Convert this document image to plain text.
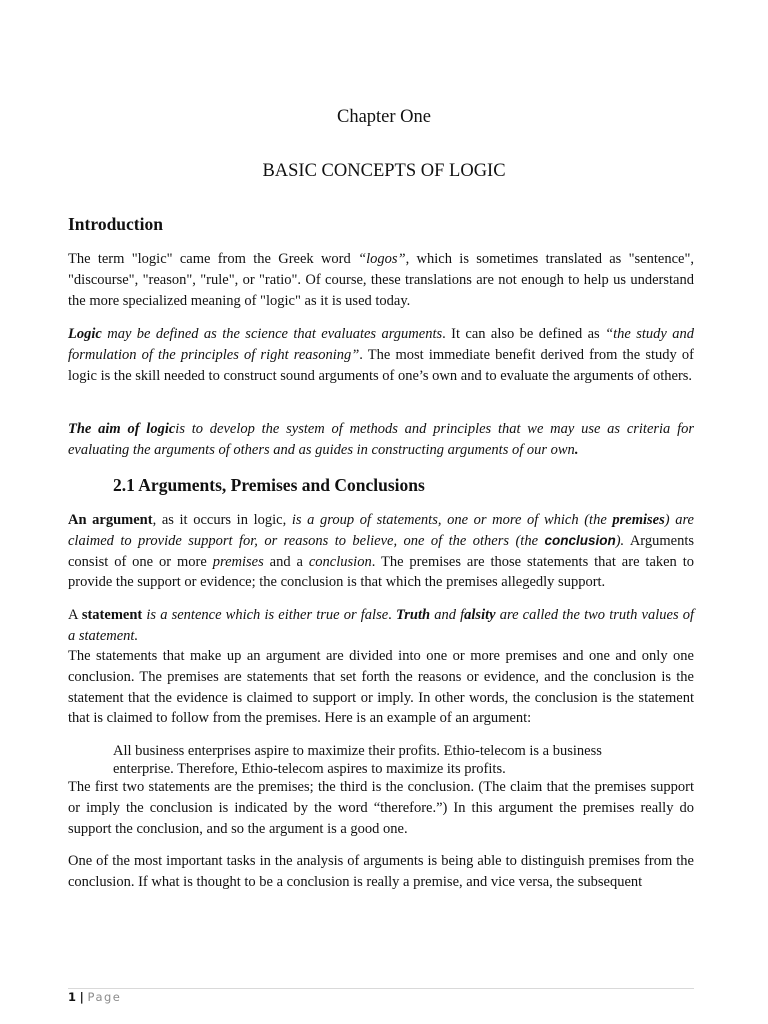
Chapter One
BASIC CONCEPTS OF LOGIC
Introduction

The term "logic" came from the Greek word “logos”, which is sometimes translated as "sentence", "discourse", "reason", "rule", or "ratio". Of course, these translations are not enough to help us understand the more specialized meaning of "logic" as it is used today.

Logic may be defined as the science that evaluates arguments. It can also be defined as “the study and formulation of the principles of right reasoning”. The most immediate benefit derived from the study of logic is the skill needed to construct sound arguments of one’s own and to evaluate the arguments of others.

The aim of logicis to develop the system of methods and principles that we may use as criteria for evaluating the arguments of others and as guides in constructing arguments of our own.

2.1 Arguments, Premises and Conclusions

An argument, as it occurs in logic, is a group of statements, one or more of which (the premises) are claimed to provide support for, or reasons to believe, one of the others (the conclusion). Arguments consist of one or more premises and a conclusion. The premises are those statements that are taken to provide the support or evidence; the conclusion is that which the premises allegedly support.

A statement is a sentence which is either true or false. Truth and falsity are called the two truth values of a statement.

The statements that make up an argument are divided into one or more premises and one and only one conclusion. The premises are statements that set forth the reasons or evidence, and the conclusion is the statement that the evidence is claimed to support or imply. In other words, the conclusion is the statement that is claimed to follow from the premises. Here is an example of an argument:

All business enterprises aspire to maximize their profits. Ethio-telecom is a business enterprise. Therefore, Ethio-telecom aspires to maximize its profits.

The first two statements are the premises; the third is the conclusion. (The claim that the premises support or imply the conclusion is indicated by the word “therefore.”) In this argument the premises really do support the conclusion, and so the argument is a good one.

One of the most important tasks in the analysis of arguments is being able to distinguish premises from the conclusion. If what is thought to be a conclusion is really a premise, and vice versa, the subsequent

1 | Page
